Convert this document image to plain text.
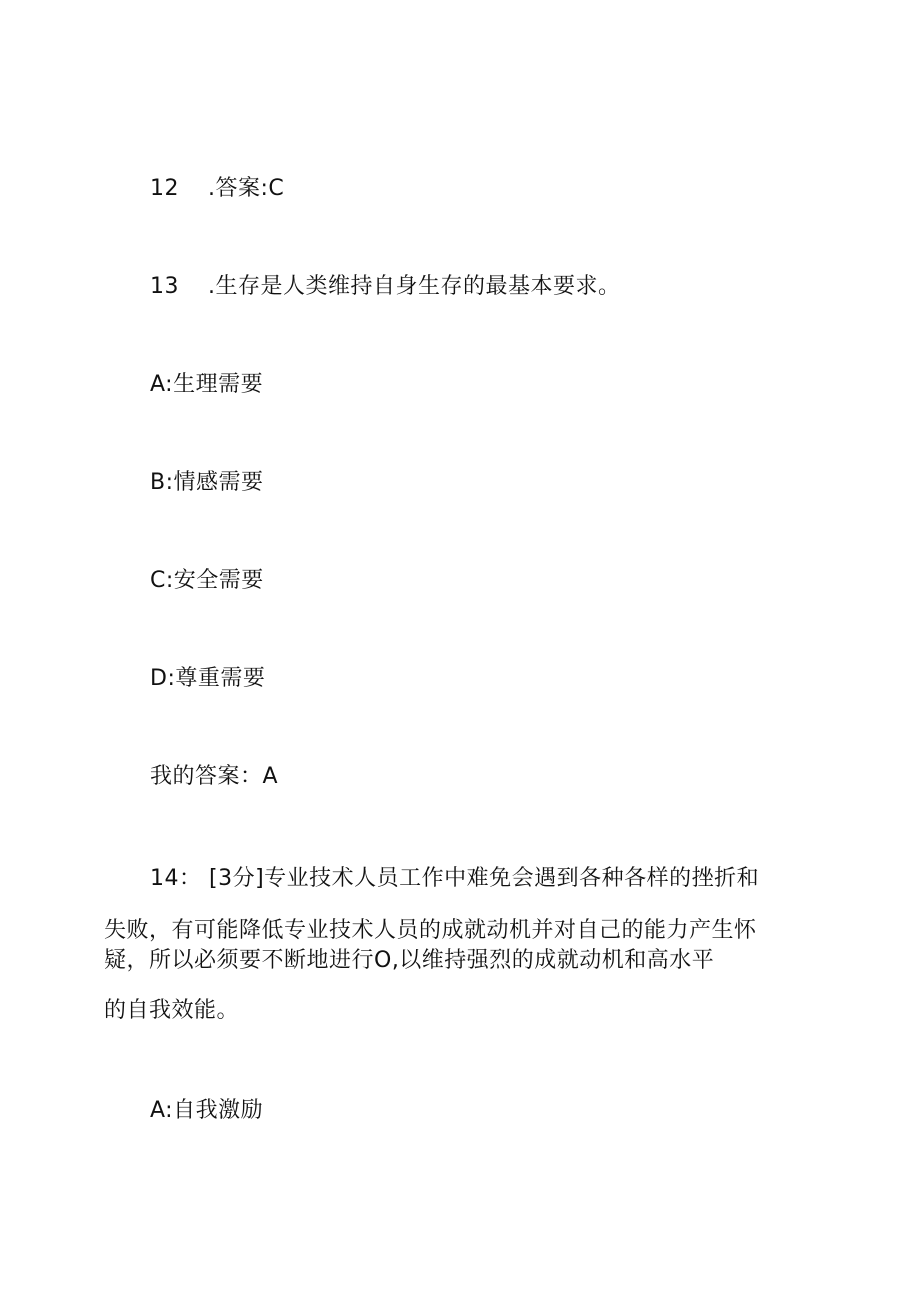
12 .答案:C
13 .生存是人类维持自身生存的最基本要求。
A:生理需要
B:情感需要
C:安全需要
D:尊重需要
我的答案：A
14： [3分]专业技术人员工作中难免会遇到各种各样的挫折和
失败，有可能降低专业技术人员的成就动机并对自己的能力产生怀
疑，所以必须要不断地进行O,以维持强烈的成就动机和高水平
的自我效能。
A:自我激励
